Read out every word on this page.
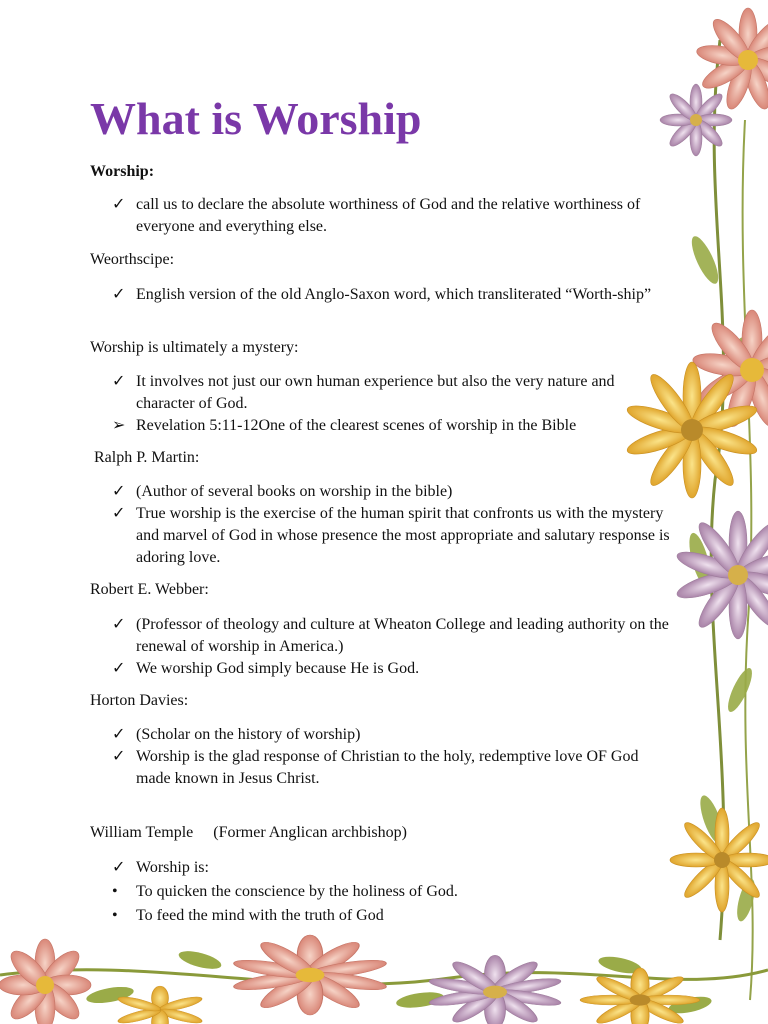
What is Worship
Worship:
✓ call us to declare the absolute worthiness of God and the relative worthiness of everyone and everything else.
Weorthscipe:
✓ English version of the old Anglo-Saxon word, which transliterated “Worth-ship”
Worship is ultimately a mystery:
✓ It involves not just our own human experience but also the very nature and character of God.
➢ Revelation 5:11-12One of the clearest scenes of worship in the Bible
Ralph P. Martin:
✓ (Author of several books on worship in the bible)
✓ True worship is the exercise of the human spirit that confronts us with the mystery and marvel of God in whose presence the most appropriate and salutary response is adoring love.
Robert E. Webber:
✓ (Professor of theology and culture at Wheaton College and leading authority on the renewal of worship in America.)
✓ We worship God simply because He is God.
Horton Davies:
✓ (Scholar on the history of worship)
✓ Worship is the glad response of Christian to the holy, redemptive love OF God made known in Jesus Christ.
William Temple     (Former Anglican archbishop)
✓ Worship is:
•	To quicken the conscience by the holiness of God.
•	To feed the mind with the truth of God
